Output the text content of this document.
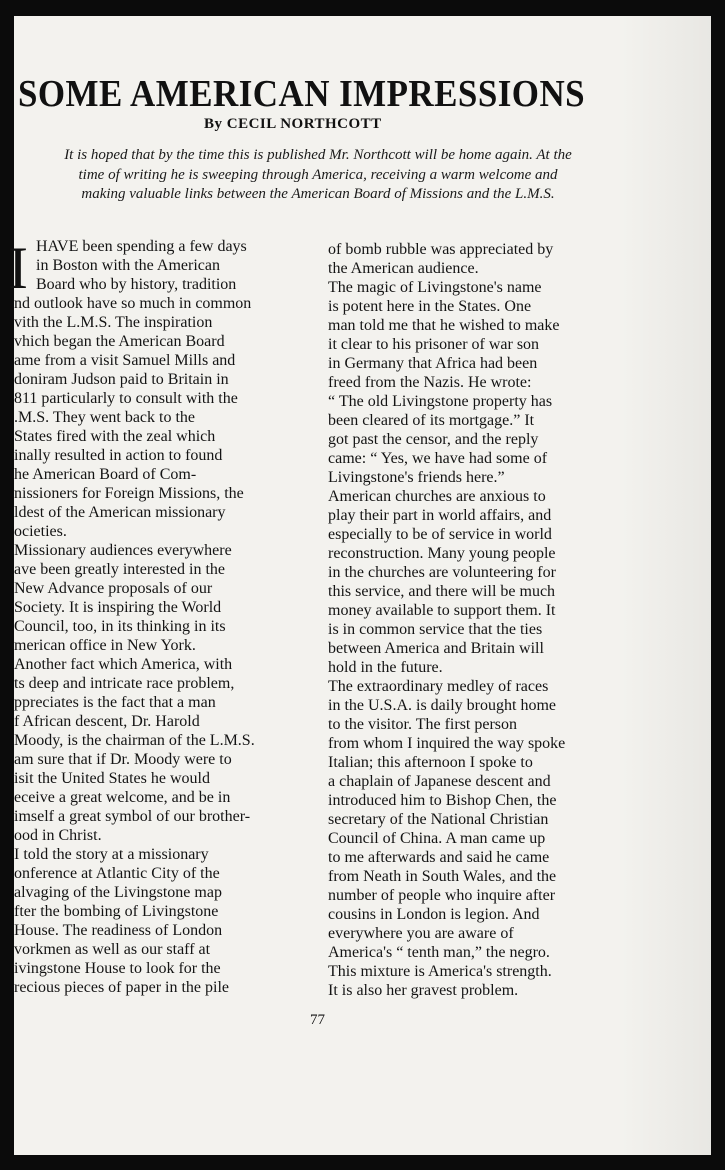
SOME AMERICAN IMPRESSIONS
By CECIL NORTHCOTT
It is hoped that by the time this is published Mr. Northcott will be home again. At the time of writing he is sweeping through America, receiving a warm welcome and making valuable links between the American Board of Missions and the L.M.S.
I HAVE been spending a few days
in Boston with the American
Board who by history, tradition
nd outlook have so much in common
vith the L.M.S. The inspiration
vhich began the American Board
ame from a visit Samuel Mills and
doniram Judson paid to Britain in
811 particularly to consult with the
.M.S. They went back to the
States fired with the zeal which
inally resulted in action to found
he American Board of Com-
nissioners for Foreign Missions, the
ldest of the American missionary
ocieties.
Missionary audiences everywhere
ave been greatly interested in the
New Advance proposals of our
Society. It is inspiring the World
Council, too, in its thinking in its
merican office in New York.
Another fact which America, with
ts deep and intricate race problem,
ppreciates is the fact that a man
f African descent, Dr. Harold
Moody, is the chairman of the L.M.S.
am sure that if Dr. Moody were to
isit the United States he would
eceive a great welcome, and be in
imself a great symbol of our brother-
ood in Christ.
I told the story at a missionary
onference at Atlantic City of the
alvaging of the Livingstone map
fter the bombing of Livingstone
House. The readiness of London
vorkmen as well as our staff at
ivingstone House to look for the
recious pieces of paper in the pile
of bomb rubble was appreciated by
the American audience.
The magic of Livingstone's name
is potent here in the States. One
man told me that he wished to make
it clear to his prisoner of war son
in Germany that Africa had been
freed from the Nazis. He wrote:
“ The old Livingstone property has
been cleared of its mortgage.” It
got past the censor, and the reply
came: “ Yes, we have had some of
Livingstone's friends here.”
American churches are anxious to
play their part in world affairs, and
especially to be of service in world
reconstruction. Many young people
in the churches are volunteering for
this service, and there will be much
money available to support them. It
is in common service that the ties
between America and Britain will
hold in the future.
The extraordinary medley of races
in the U.S.A. is daily brought home
to the visitor. The first person
from whom I inquired the way spoke
Italian; this afternoon I spoke to
a chaplain of Japanese descent and
introduced him to Bishop Chen, the
secretary of the National Christian
Council of China. A man came up
to me afterwards and said he came
from Neath in South Wales, and the
number of people who inquire after
cousins in London is legion. And
everywhere you are aware of
America's “ tenth man,” the negro.
This mixture is America's strength.
It is also her gravest problem.
77
